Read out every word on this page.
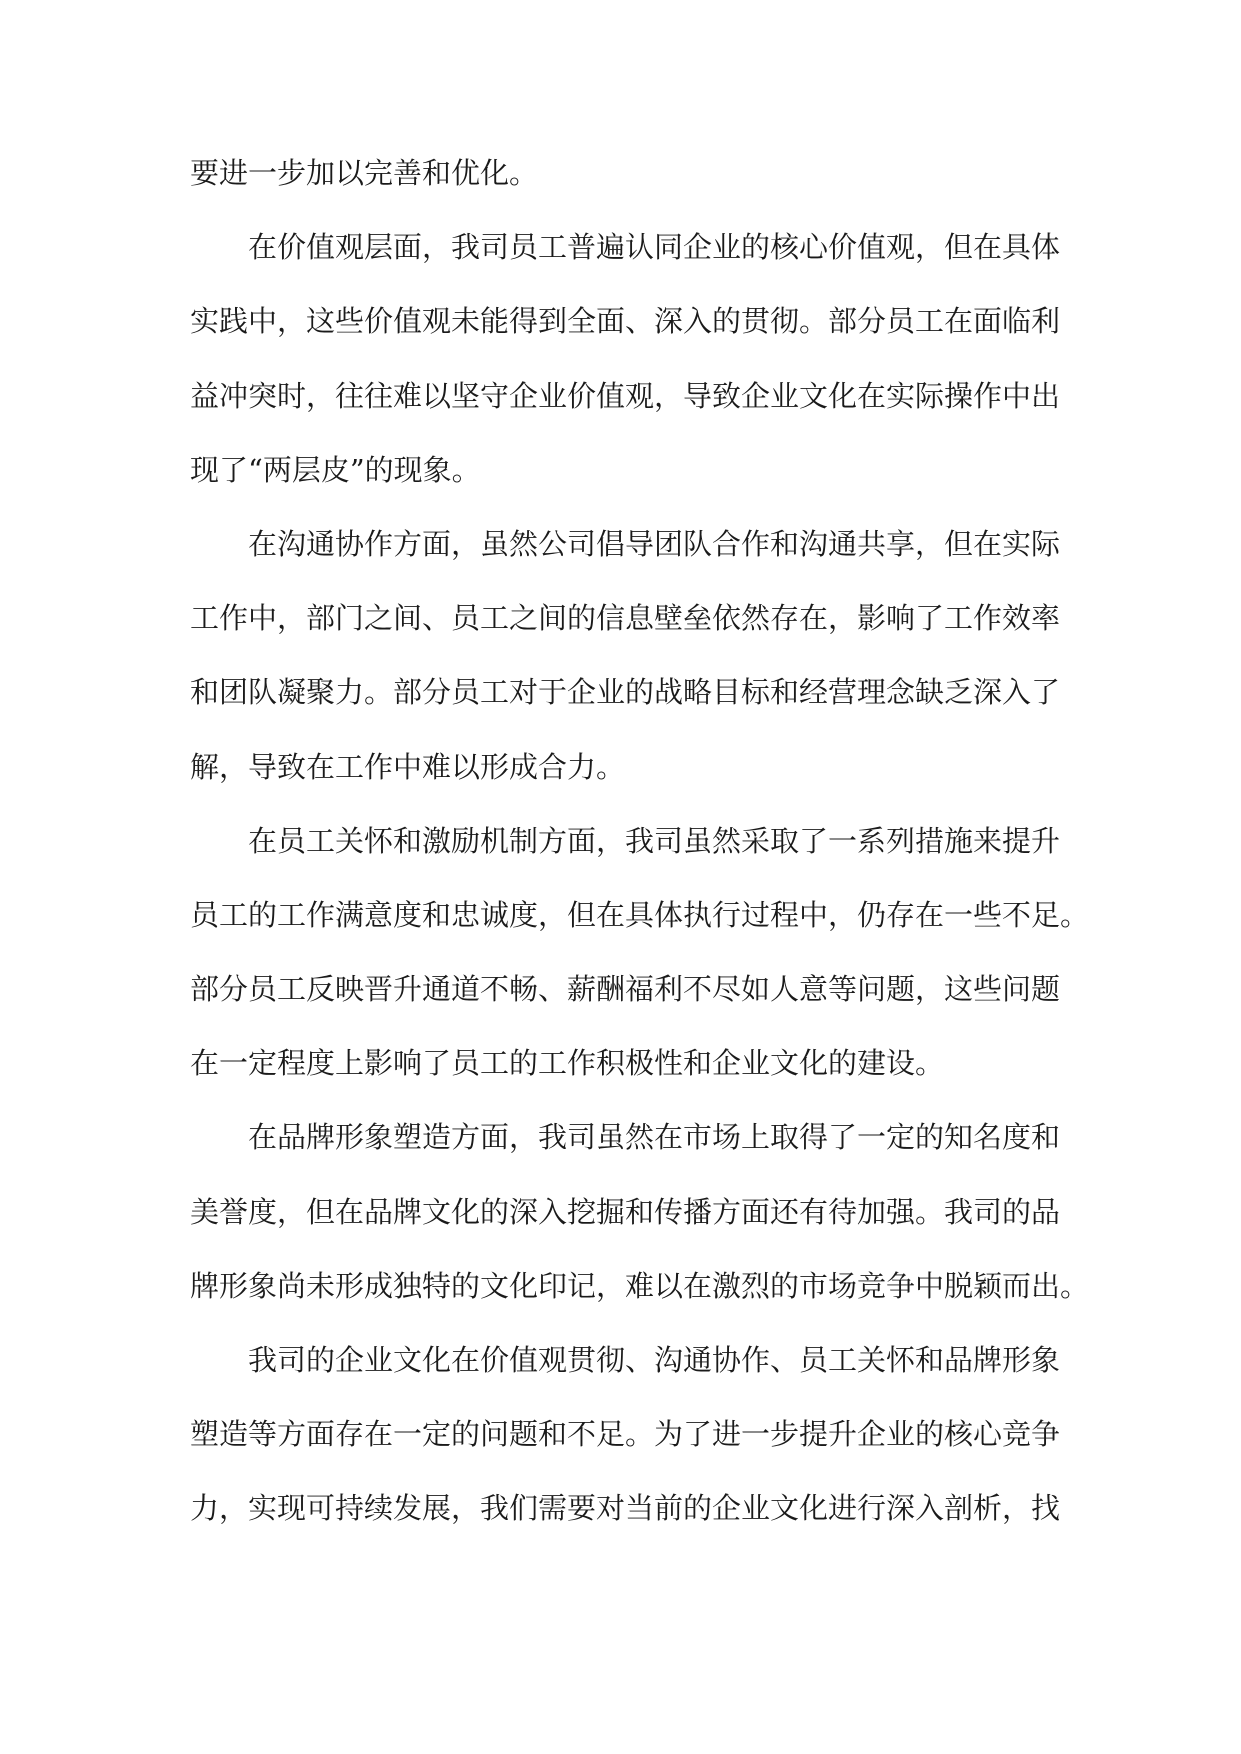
要进一步加以完善和优化。
在价值观层面，我司员工普遍认同企业的核心价值观，但在具体
实践中，这些价值观未能得到全面、深入的贯彻。部分员工在面临利
益冲突时，往往难以坚守企业价值观，导致企业文化在实际操作中出
现了“两层皮”的现象。
在沟通协作方面，虽然公司倡导团队合作和沟通共享，但在实际
工作中，部门之间、员工之间的信息壁垒依然存在，影响了工作效率
和团队凝聚力。部分员工对于企业的战略目标和经营理念缺乏深入了
解，导致在工作中难以形成合力。
在员工关怀和激励机制方面，我司虽然采取了一系列措施来提升
员工的工作满意度和忠诚度，但在具体执行过程中，仍存在一些不足。
部分员工反映晋升通道不畅、薪酬福利不尽如人意等问题，这些问题
在一定程度上影响了员工的工作积极性和企业文化的建设。
在品牌形象塑造方面，我司虽然在市场上取得了一定的知名度和
美誉度，但在品牌文化的深入挖掘和传播方面还有待加强。我司的品
牌形象尚未形成独特的文化印记，难以在激烈的市场竞争中脱颖而出。
我司的企业文化在价值观贯彻、沟通协作、员工关怀和品牌形象
塑造等方面存在一定的问题和不足。为了进一步提升企业的核心竞争
力，实现可持续发展，我们需要对当前的企业文化进行深入剖析，找
